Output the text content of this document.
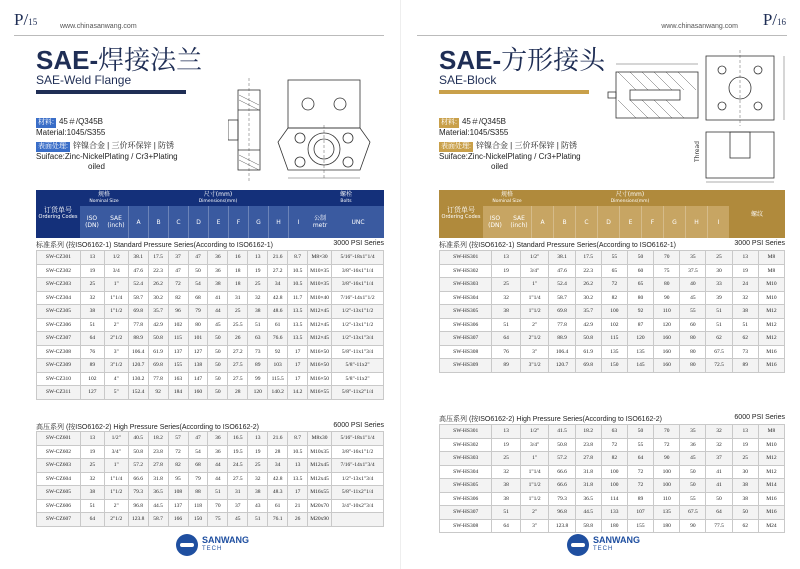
P/15	www.chinasanwang.com
SAE-焊接法兰
SAE-Weld Flange
材料: 45＃/Q345B
Material:1045/S355
表面处理: 锌镍合金 | 三价环保锌 | 防锈
Suiface:Zinc-NickelPlating / Cr3+Plating
oiled
订货单号
Ordering Codes
规格
Nominal Size
ISO
(DN)
SAE
(inch)
尺寸(mm)
Dimensions(mm)
A	B	C	D	E	F	G	H	I
螺栓
Bolts
公制
metr	UNC
标准系列 (按ISO6162-1) Standard Pressure Series(According to ISO6162-1)	3000 PSI Series
SW-CZ301	13	1/2	38.1	17.5	37	47	36	16	13	21.6	8.7	M8×30	5/16"-18x1"1/4
SW-CZ302	19	3/4	47.6	22.3	47	50	36	18	19	27.2	10.5	M10×35	3/8"-16x1"1/4
SW-CZ303	25	1"	52.4	26.2	72	54	38	18	25	34	10.5	M10×35	3/8"-16x1"1/4
SW-CZ304	32	1"1/4	58.7	30.2	82	68	41	31	32	42.8	11.7	M10×40	7/16"-14x1"1/2
SW-CZ305	38	1"1/2	69.8	35.7	96	79	44	25	38	48.6	13.5	M12×45	1/2"-13x1"1/2
SW-CZ306	51	2"	77.8	42.9	102	80	45	25.5	51	61	13.5	M12×45	1/2"-13x1"1/2
SW-CZ307	64	2"1/2	88.9	50.8	115	101	50	26	63	76.6	13.5	M12×45	1/2"-13x1"3/4
SW-CZ308	76	3"	106.4	61.9	137	127	50	27.2	73	92	17	M16×50	5/8"-11x1"3/4
SW-CZ309	89	3"1/2	120.7	69.8	155	138	50	27.5	89	103	17	M16×50	5/8"-11x2"
SW-CZ310	102	4"	130.2	77.8	163	147	50	27.5	99	115.5	17	M16×50	5/8"-11x2"
SW-CZ311	127	5"	152.4	92	184	160	50	28	120	140.2	14.2	M16×55	5/8"-11x2"1/4
高压系列 (按ISO6162-2) High Pressure Series(According to ISO6162-2)	6000 PSI Series
SW-CZ601	13	1/2"	40.5	18.2	57	47	36	16.5	13	21.6	8.7	M8x30	5/16"-18x1"1/4
SW-CZ602	19	3/4"	50.8	23.8	72	54	36	19.5	19	28	10.5	M10x35	3/8"-16x1"1/2
SW-CZ603	25	1"	57.2	27.8	82	68	44	24.5	25	34	13	M12x45	7/16"-14x1"3/4
SW-CZ604	32	1"1/4	66.6	31.8	95	79	44	27.5	32	42.8	13.5	M12x45	1/2"-13x1"3/4
SW-CZ605	38	1"1/2	79.3	36.5	108	88	51	31	38	48.3	17	M16x55	5/8"-11x2"1/4
SW-CZ606	51	2"	96.8	44.5	137	118	70	37	43	61	21	M20x70	3/4"-10x2"3/4
SW-CZ607	64	2"1/2	123.8	58.7	166	150	75	45	51	76.1	26	M20x90	
SANWANG
TECH
P/16
www.chinasanwang.com
SAE-方形接头
SAE-Block
材料: 45＃/Q345B
Material:1045/S355
表面处理: 锌镍合金 | 三价环保锌 | 防锈
Suiface:Zinc-NickelPlating / Cr3+Plating
oiled
Thread
订货单号
Ordering Codes
规格
Nominal Size
ISO
(DN)
SAE
(inch)
尺寸(mm)
Dimensions(mm)
A	B	C	D	E	F	G	H	I
螺纹
标准系列 (按ISO6162-1) Standard Pressure Series(According to ISO6162-1)	3000 PSI Series
SW-HS301	13	1/2"	38.1	17.5	55	50	70	35	25	13	M8
SW-HS302	19	3/4"	47.6	22.3	65	60	75	37.5	30	19	M8
SW-HS303	25	1"	52.4	26.2	72	65	80	40	33	24	M10
SW-HS304	32	1"1/4	58.7	30.2	82	80	90	45	39	32	M10
SW-HS305	38	1"1/2	69.8	35.7	100	92	110	55	51	38	M12
SW-HS306	51	2"	77.8	42.9	102	87	120	60	51	51	M12
SW-HS307	64	2"1/2	88.9	50.8	115	120	160	80	62	62	M12
SW-HS308	76	3"	106.4	61.9	135	135	160	80	67.5	73	M16
SW-HS309	89	3"1/2	120.7	69.8	150	145	160	80	72.5	89	M16
高压系列 (按ISO6162-2) High Pressure Series(According to ISO6162-2)	6000 PSI Series
SW-HS301	13	1/2"	41.5	18.2	63	50	70	35	32	13	M8
SW-HS302	19	3/4"	50.8	23.8	72	55	72	36	32	19	M10
SW-HS303	25	1"	57.2	27.8	82	64	90	45	37	25	M12
SW-HS304	32	1"1/4	66.6	31.8	100	72	100	50	41	30	M12
SW-HS305	38	1"1/2	66.6	31.8	100	72	100	50	41	38	M14
SW-HS306	38	1"1/2	79.3	36.5	114	89	110	55	50	38	M16
SW-HS307	51	2"	96.8	44.5	133	107	135	67.5	64	50	M16
SW-HS308	64	3"	123.8	58.8	180	155	180	90	77.5	62	M24
SANWANG
TECH
